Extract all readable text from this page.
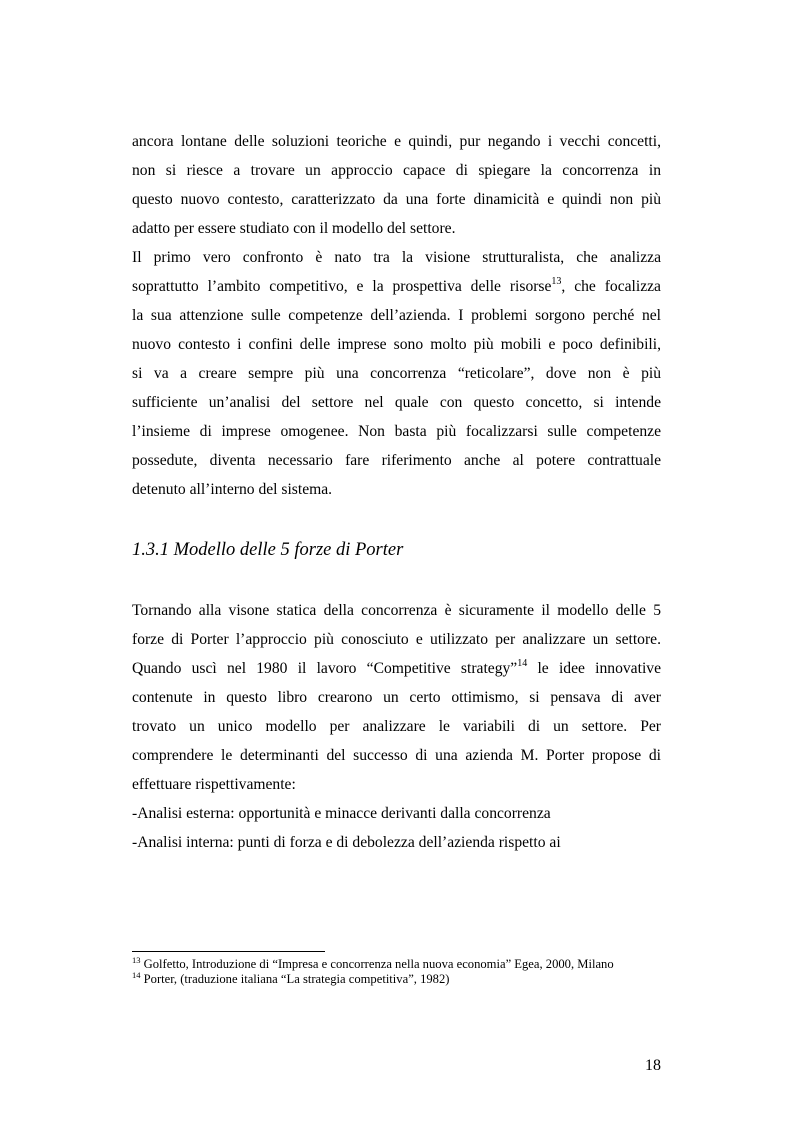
ancora lontane delle soluzioni teoriche e quindi, pur negando i vecchi concetti,
non si riesce a trovare un approccio capace di spiegare la concorrenza in
questo nuovo contesto, caratterizzato da una forte dinamicità e quindi non più
adatto per essere studiato con il modello del settore.
Il primo vero confronto è nato tra la visione strutturalista, che analizza
soprattutto l’ambito competitivo, e la prospettiva delle risorse$^{13}$, che focalizza
la sua attenzione sulle competenze dell’azienda. I problemi sorgono perché nel
nuovo contesto i confini delle imprese sono molto più mobili e poco definibili,
si va a creare sempre più una concorrenza “reticolare”, dove non è più
sufficiente un’analisi del settore nel quale con questo concetto, si intende
l’insieme di imprese omogenee. Non basta più focalizzarsi sulle competenze
possedute, diventa necessario fare riferimento anche al potere contrattuale
detenuto all’interno del sistema.
1.3.1 Modello delle 5 forze di Porter
Tornando alla visone statica della concorrenza è sicuramente il modello delle 5
forze di Porter l’approccio più conosciuto e utilizzato per analizzare un settore.
Quando uscì nel 1980 il lavoro “Competitive strategy”$^{14}$ le idee innovative
contenute in questo libro crearono un certo ottimismo, si pensava di aver
trovato un unico modello per analizzare le variabili di un settore. Per
comprendere le determinanti del successo di una azienda M. Porter propose di
effettuare rispettivamente:
-Analisi esterna: opportunità e minacce derivanti dalla concorrenza
-Analisi interna: punti di forza e di debolezza dell’azienda rispetto ai
$^{13}$ Golfetto, Introduzione di “Impresa e concorrenza nella nuova economia” Egea, 2000, Milano
$^{14}$ Porter, (traduzione italiana “La strategia competitiva”, 1982)
18
